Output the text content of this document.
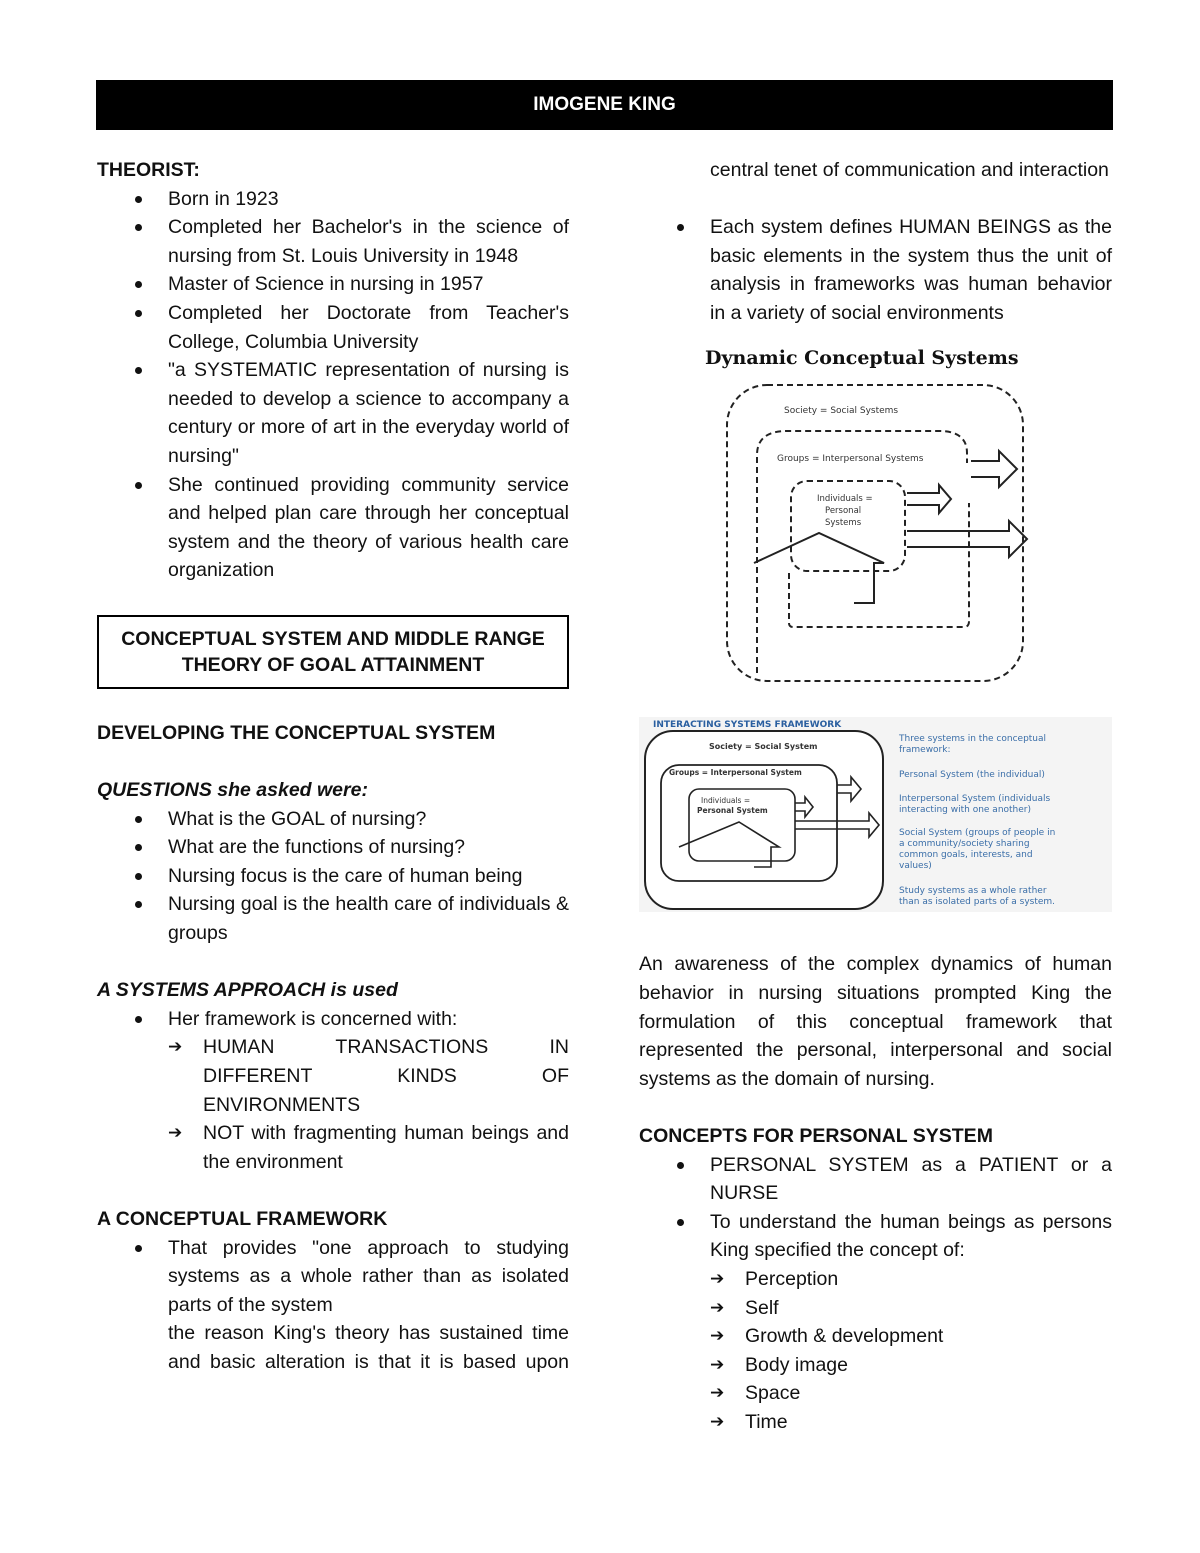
IMOGENE KING

THEORIST:

Born in 1923
Completed her Bachelor's in the science of nursing from St. Louis University in 1948
Master of Science in nursing in 1957
Completed her Doctorate from Teacher's College, Columbia University
"a SYSTEMATIC representation of nursing is needed to develop a science to accompany a century or more of art in the everyday world of nursing"
She continued providing community service and helped plan care through her conceptual system and the theory of various health care organization
CONCEPTUAL SYSTEM AND MIDDLE RANGE THEORY OF GOAL ATTAINMENT

DEVELOPING THE CONCEPTUAL SYSTEM

QUESTIONS she asked were:

What is the GOAL of nursing?
What are the functions of nursing?
Nursing focus is the care of human being
Nursing goal is the health care of individuals & groups

A SYSTEMS APPROACH is used

Her framework is concerned with:
➔ HUMAN TRANSACTIONS IN DIFFERENT KINDS OF ENVIRONMENTS
➔ NOT with fragmenting human beings and the environment

A CONCEPTUAL FRAMEWORK

That provides "one approach to studying systems as a whole rather than as isolated parts of the system
the reason King's theory has sustained time and basic alteration is that it is based upon
central tenet of communication and interaction
Each system defines HUMAN BEINGS as the basic elements in the system thus the unit of analysis in frameworks was human behavior in a variety of social environments

Dynamic Conceptual Systems

Society = Social Systems
Groups = Interpersonal Systems
Individuals =
Personal
Systems
INTERACTING SYSTEMS FRAMEWORK
Society = Social System
Groups = Interpersonal System
Individuals =
Personal System
Three systems in the conceptual framework:
Personal System (the individual)
Interpersonal System (individuals interacting with one another)
Social System (groups of people in a community/society sharing common goals, interests, and values)
Study systems as a whole rather than as isolated parts of a system.

An awareness of the complex dynamics of human behavior in nursing situations prompted King the formulation of this conceptual framework that represented the personal, interpersonal and social systems as the domain of nursing.

CONCEPTS FOR PERSONAL SYSTEM

PERSONAL SYSTEM as a PATIENT or a NURSE
To understand the human beings as persons King specified the concept of:
➔ Perception
➔ Self
➔ Growth & development
➔ Body image
➔ Space
➔ Time
